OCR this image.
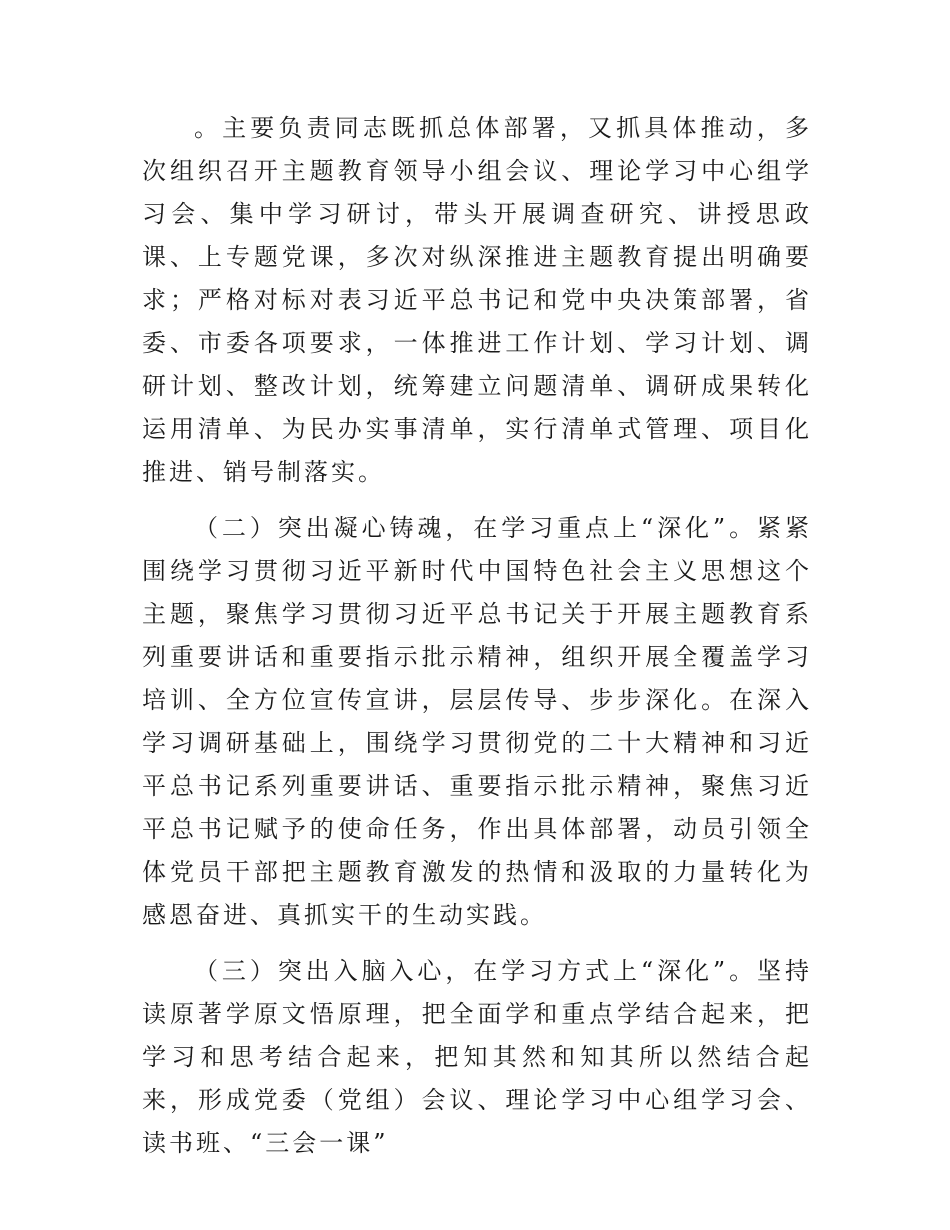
。主要负责同志既抓总体部署，又抓具体推动，多次组织召开主题教育领导小组会议、理论学习中心组学习会、集中学习研讨，带头开展调查研究、讲授思政课、上专题党课，多次对纵深推进主题教育提出明确要求；严格对标对表习近平总书记和党中央决策部署，省委、市委各项要求，一体推进工作计划、学习计划、调研计划、整改计划，统筹建立问题清单、调研成果转化运用清单、为民办实事清单，实行清单式管理、项目化推进、销号制落实。

（二）突出凝心铸魂，在学习重点上“深化”。紧紧围绕学习贯彻习近平新时代中国特色社会主义思想这个主题，聚焦学习贯彻习近平总书记关于开展主题教育系列重要讲话和重要指示批示精神，组织开展全覆盖学习培训、全方位宣传宣讲，层层传导、步步深化。在深入学习调研基础上，围绕学习贯彻党的二十大精神和习近平总书记系列重要讲话、重要指示批示精神，聚焦习近平总书记赋予的使命任务，作出具体部署，动员引领全体党员干部把主题教育激发的热情和汲取的力量转化为感恩奋进、真抓实干的生动实践。

（三）突出入脑入心，在学习方式上“深化”。坚持读原著学原文悟原理，把全面学和重点学结合起来，把学习和思考结合起来，把知其然和知其所以然结合起来，形成党委（党组）会议、理论学习中心组学习会、读书班、“三会一课”
